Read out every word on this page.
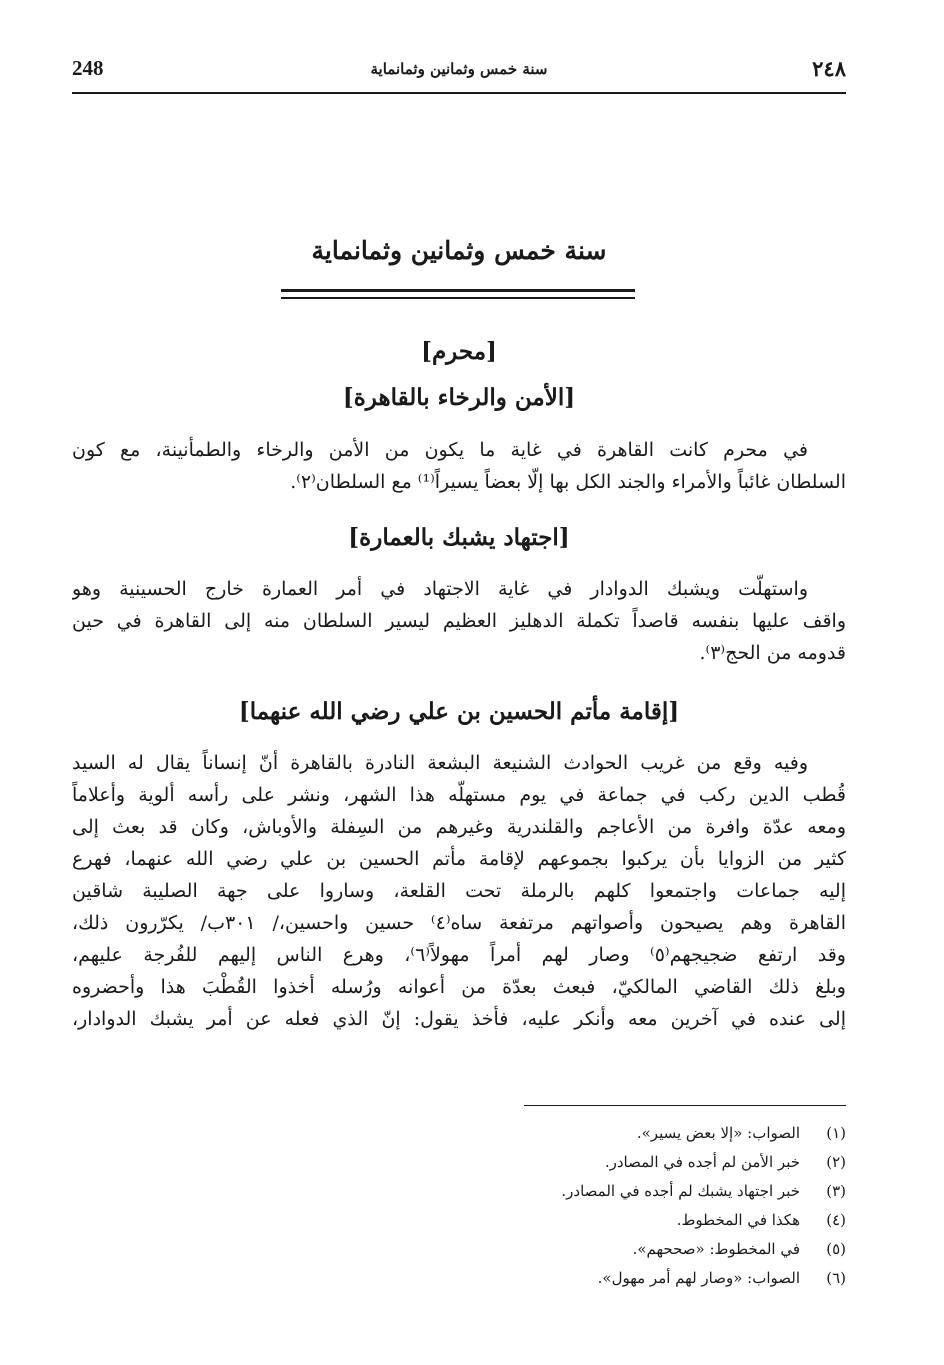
248	سنة خمس وثمانين وثمانماية	٢٤٨
سنة خمس وثمانين وثمانماية
[محرم]
[الأمن والرخاء بالقاهرة]
في محرم كانت القاهرة في غاية ما يكون من الأمن والرخاء والطمأنينة، مع كون
السلطان غائباً والأمراء والجند الكل بها إلّا بعضاً يسيراً⁽¹⁾ مع السلطان⁽٢⁾.
[اجتهاد يشبك بالعمارة]
واستهلّت ويشبك الدوادار في غاية الاجتهاد في أمر العمارة خارج الحسينية وهو
واقف عليها بنفسه قاصداً تكملة الدهليز العظيم ليسير السلطان منه إلى القاهرة في حين
قدومه من الحج⁽٣⁾.
[إقامة مأتم الحسين بن علي رضي الله عنهما]
وفيه وقع من غريب الحوادث الشنيعة البشعة النادرة بالقاهرة أنّ إنساناً يقال له السيد
قُطب الدين ركب في جماعة في يوم مستهلّه هذا الشهر، ونشر على رأسه ألوية وأعلاماً
ومعه عدّة وافرة من الأعاجم والقلندرية وغيرهم من السِفلة والأوباش، وكان قد بعث إلى
كثير من الزوايا بأن يركبوا بجموعهم لإقامة مأتم الحسين بن علي رضي الله عنهما، فهرع
إليه جماعات واجتمعوا كلهم بالرملة تحت القلعة، وساروا على جهة الصليبة شاقين
القاهرة وهم يصيحون وأصواتهم مرتفعة ساه⁽٤⁾ حسين واحسين،/ ٣٠١ب/ يكرّرون ذلك،
وقد ارتفع ضجيجهم⁽٥⁾ وصار لهم أمراً مهولاً⁽٦⁾، وهرع الناس إليهم للفُرجة عليهم،
وبلغ ذلك القاضي المالكيّ، فبعث بعدّة من أعوانه ورُسله أخذوا القُطْبَ هذا وأحضروه
إلى عنده في آخرين معه وأنكر عليه، فأخذ يقول: إنّ الذي فعله عن أمر يشبك الدوادار،
(١)الصواب: «إلا بعض يسير».
(٢)خبر الأمن لم أجده في المصادر.
(٣)خبر اجتهاد يشبك لم أجده في المصادر.
(٤)هكذا في المخطوط.
(٥)في المخطوط: «صححهم».
(٦)الصواب: «وصار لهم أمر مهول».
